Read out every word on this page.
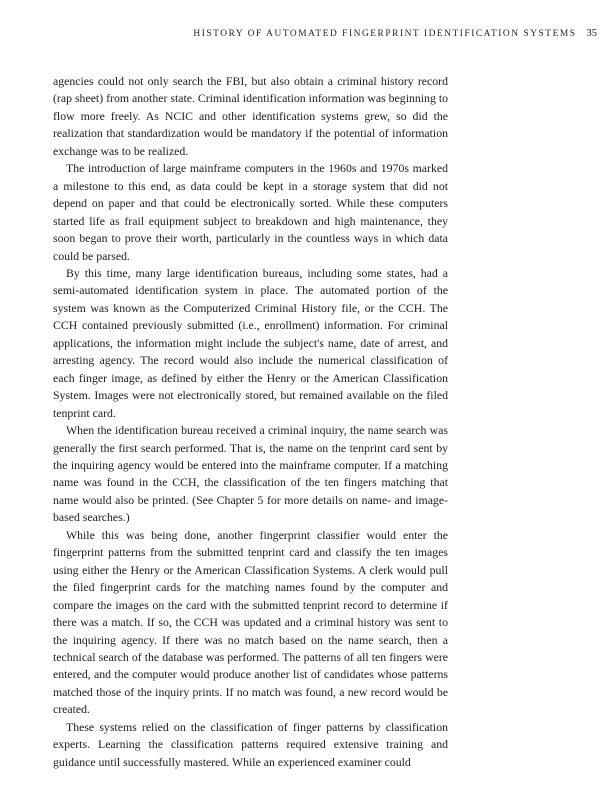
HISTORY OF AUTOMATED FINGERPRINT IDENTIFICATION SYSTEMS 35

agencies could not only search the FBI, but also obtain a criminal history record (rap sheet) from another state. Criminal identification information was beginning to flow more freely. As NCIC and other identification systems grew, so did the realization that standardization would be mandatory if the potential of information exchange was to be realized.

The introduction of large mainframe computers in the 1960s and 1970s marked a milestone to this end, as data could be kept in a storage system that did not depend on paper and that could be electronically sorted. While these computers started life as frail equipment subject to breakdown and high maintenance, they soon began to prove their worth, particularly in the countless ways in which data could be parsed.

By this time, many large identification bureaus, including some states, had a semi-automated identification system in place. The automated portion of the system was known as the Computerized Criminal History file, or the CCH. The CCH contained previously submitted (i.e., enrollment) information. For criminal applications, the information might include the subject's name, date of arrest, and arresting agency. The record would also include the numerical classification of each finger image, as defined by either the Henry or the American Classification System. Images were not electronically stored, but remained available on the filed tenprint card.

When the identification bureau received a criminal inquiry, the name search was generally the first search performed. That is, the name on the tenprint card sent by the inquiring agency would be entered into the mainframe computer. If a matching name was found in the CCH, the classification of the ten fingers matching that name would also be printed. (See Chapter 5 for more details on name- and image-based searches.)

While this was being done, another fingerprint classifier would enter the fingerprint patterns from the submitted tenprint card and classify the ten images using either the Henry or the American Classification Systems. A clerk would pull the filed fingerprint cards for the matching names found by the computer and compare the images on the card with the submitted tenprint record to determine if there was a match. If so, the CCH was updated and a criminal history was sent to the inquiring agency. If there was no match based on the name search, then a technical search of the database was performed. The patterns of all ten fingers were entered, and the computer would produce another list of candidates whose patterns matched those of the inquiry prints. If no match was found, a new record would be created.

These systems relied on the classification of finger patterns by classification experts. Learning the classification patterns required extensive training and guidance until successfully mastered. While an experienced examiner could
